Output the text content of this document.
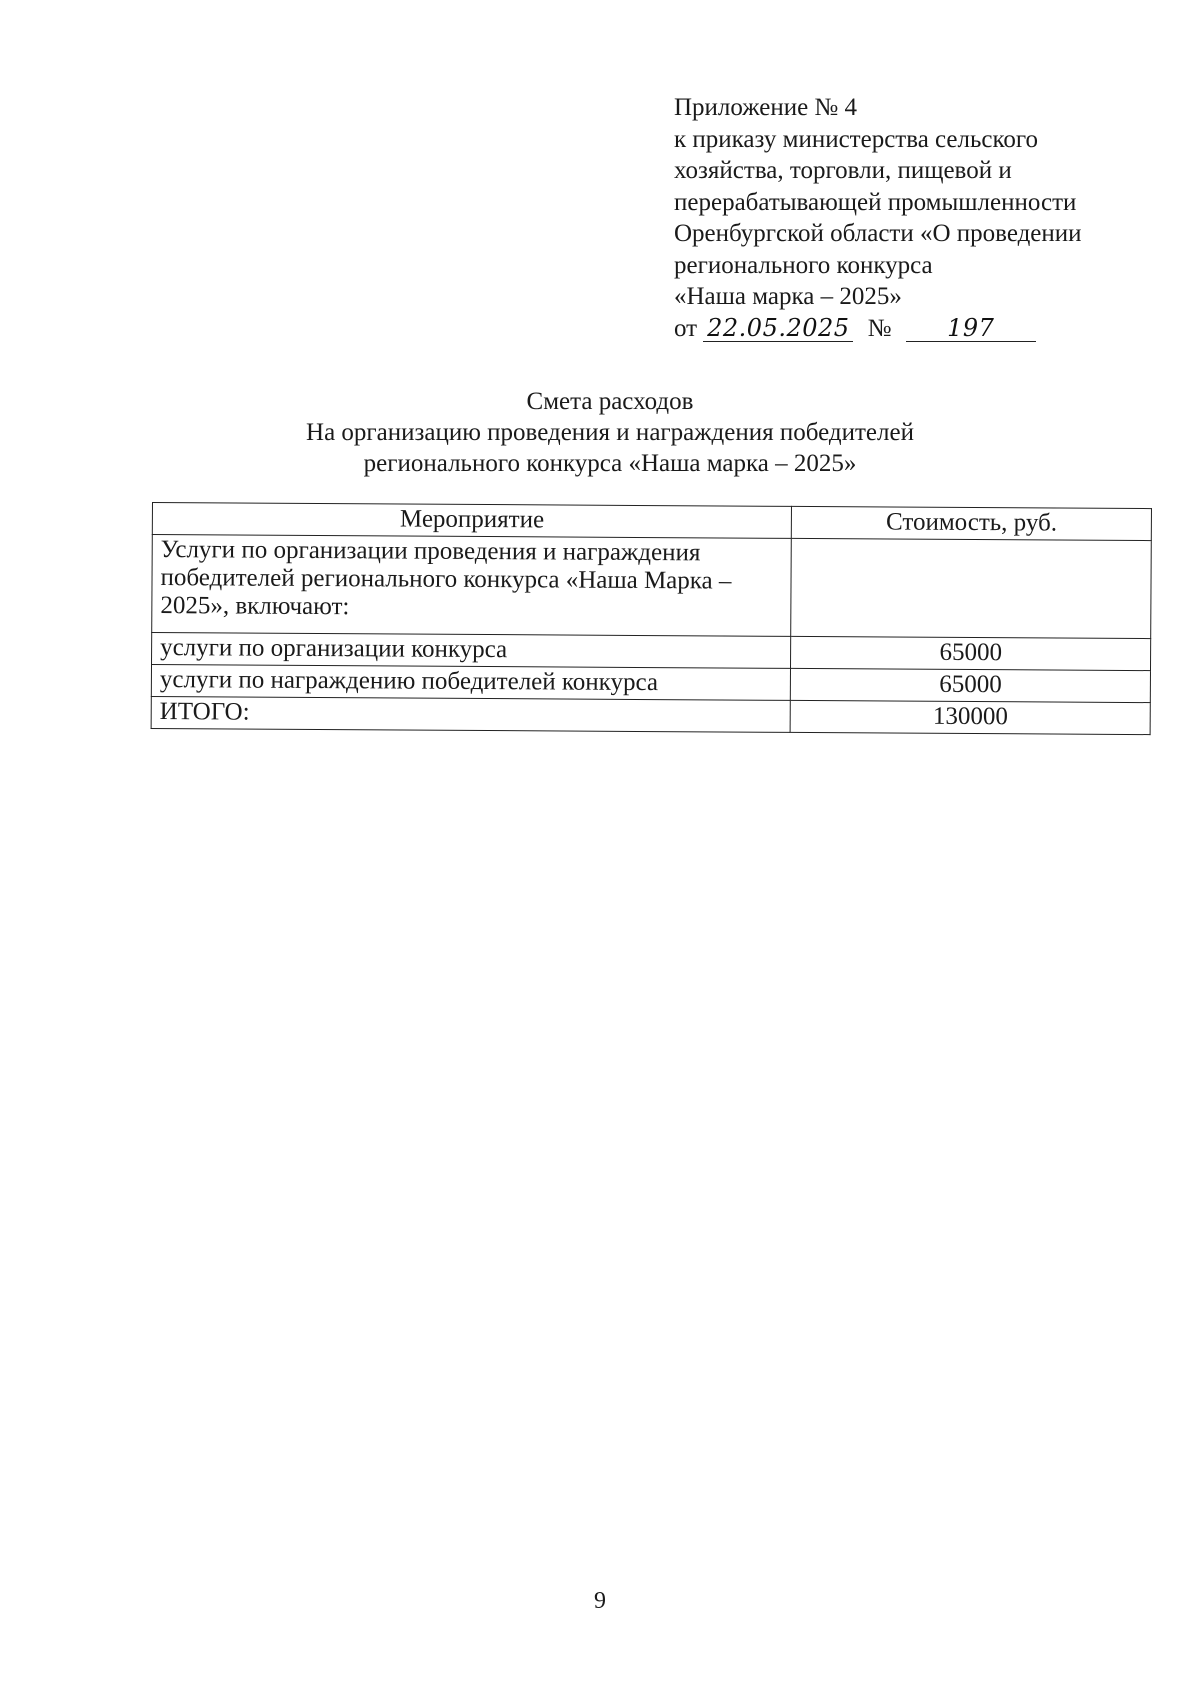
Приложение № 4
к приказу министерства сельского
хозяйства, торговли, пищевой и
перерабатывающей промышленности
Оренбургской области «О проведении
регионального конкурса
«Наша марка – 2025»
от 22.05.2025 № 197
Смета расходов
На организацию проведения и награждения победителей
регионального конкурса «Наша марка – 2025»
Мероприятие	Стоимость, руб.
Услуги по организации проведения и награждения победителей регионального конкурса «Наша Марка – 2025», включают:	
услуги по организации конкурса	65000
услуги по награждению победителей конкурса	65000
ИТОГО:	130000
9
